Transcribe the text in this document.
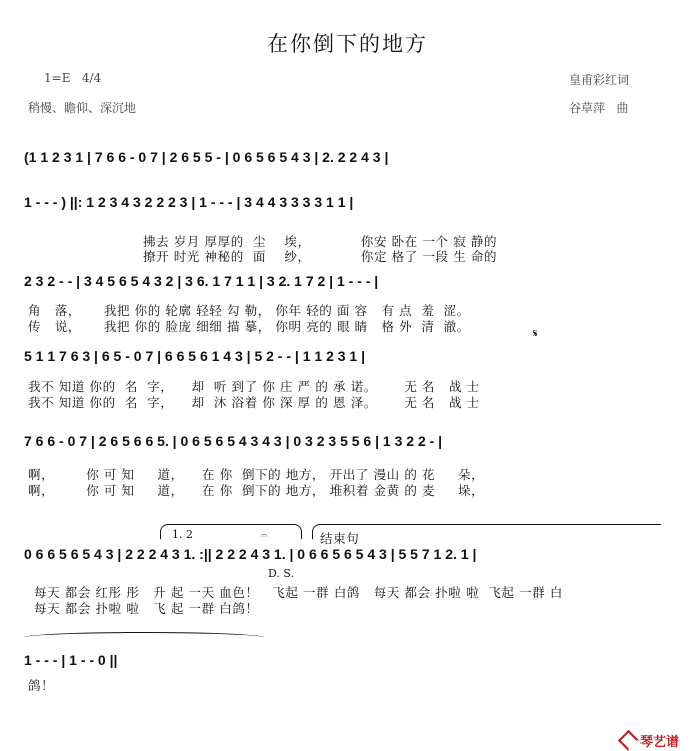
在你倒下的地方
1=E   4/4
稍慢、瞻仰、深沉地
皇甫彩红词
谷草萍   曲
(1 1 2 3 1 | 7 6 6 - 0 7 | 2 6 5 5 - | 0 6 5 6 5 4 3 | 2. 2 2 4 3 |
1 - - - ) ||: 1 2 3 4 3 2 2 2 3 | 1 - - - | 3 4 4 3 3 3 3 1 1 |
拂去 岁月 厚厚的  尘    埃，           你安 卧在 一个 寂 静的
撩开 时光 神秘的  面    纱，           你定 格了 一段 生 命的
2 3 2 - - | 3 4 5 6 5 4 3 2 | 3 6. 1 7 1 1 | 3 2. 1 7 2 | 1 - - - |
角   落，     我把 你的 轮廓 轻轻 勾 勒， 你年 轻的 面 容   有 点  羞  涩。
传   说，     我把 你的 脸庞 细细 描 摹， 你明 亮的 眼 睛   格 外  清  澈。	𝄋
5 1 1 7 6 3 | 6 5 - 0 7 | 6 6 5 6 1 4 3 | 5 2 - - | 1 1 2 3 1 |
我不 知道 你的  名  字，    却  听 到了 你 庄 严 的 承 诺。      无 名   战 士
我不 知道 你的  名  字，    却  沐 浴着 你 深 厚 的 恩 泽。      无 名   战 士
7 6 6 - 0 7 | 2 6 5 6 6 5. | 0 6 5 6 5 4 3 4 3 | 0 3 2 3 5 5 6 | 1 3 2 2 - |
啊，       你 可 知     道，    在 你  倒下的 地方， 开出了 漫山 的 花     朵，
啊，       你 可 知     道，    在 你  倒下的 地方， 堆积着 金黄 的 麦     垛，
1. 2	结束句
𝄐
0 6 6 5 6 5 4 3 | 2 2 2 4 3 1. :|| 2 2 2 4 3 1. | 0 6 6 5 6 5 4 3 | 5 5 7 1 2. 1 |
D. S.
每天 都会 红彤 彤   升 起 一天 血色！   飞起 一群 白鸽   每天 都会 扑啦 啦  飞起 一群 白
每天 都会 扑啦 啦   飞 起 一群 白鸽！
1 - - - | 1 - - 0 ||
鸽！

琴艺谱
